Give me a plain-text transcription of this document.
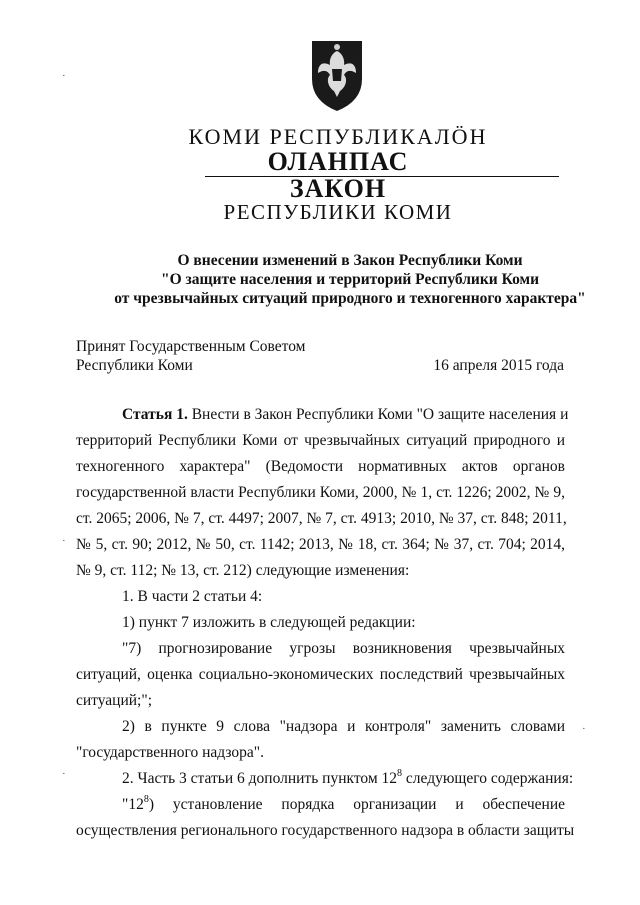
КОМИ РЕСПУБЛИКАЛӦН
ОЛАНПАС
ЗАКОН
РЕСПУБЛИКИ КОМИ
О внесении изменений в Закон Республики Коми
"О защите населения и территорий Республики Коми
от чрезвычайных ситуаций природного и техногенного характера"
Принят Государственным Советом
Республики Коми	16 апреля 2015 года
Статья 1. Внести в Закон Республики Коми "О защите населения и
территорий Республики Коми от чрезвычайных ситуаций природного и
техногенного характера" (Ведомости нормативных актов органов
государственной власти Республики Коми, 2000, № 1, ст. 1226; 2002, № 9,
ст. 2065; 2006, № 7, ст. 4497; 2007, № 7, ст. 4913; 2010, № 37, ст. 848; 2011,
№ 5, ст. 90; 2012, № 50, ст. 1142; 2013, № 18, ст. 364; № 37, ст. 704; 2014,
№ 9, ст. 112; № 13, ст. 212) следующие изменения:
1. В части 2 статьи 4:
1) пункт 7 изложить в следующей редакции:
"7) прогнозирование угрозы возникновения чрезвычайных
ситуаций, оценка социально-экономических последствий чрезвычайных
ситуаций;";
2) в пункте 9 слова "надзора и контроля" заменить словами
"государственного надзора".
2. Часть 3 статьи 6 дополнить пунктом $12^8$ следующего содержания:
"$12^8$) установление порядка организации и обеспечение
осуществления регионального государственного надзора в области защиты
·
·
·
·
